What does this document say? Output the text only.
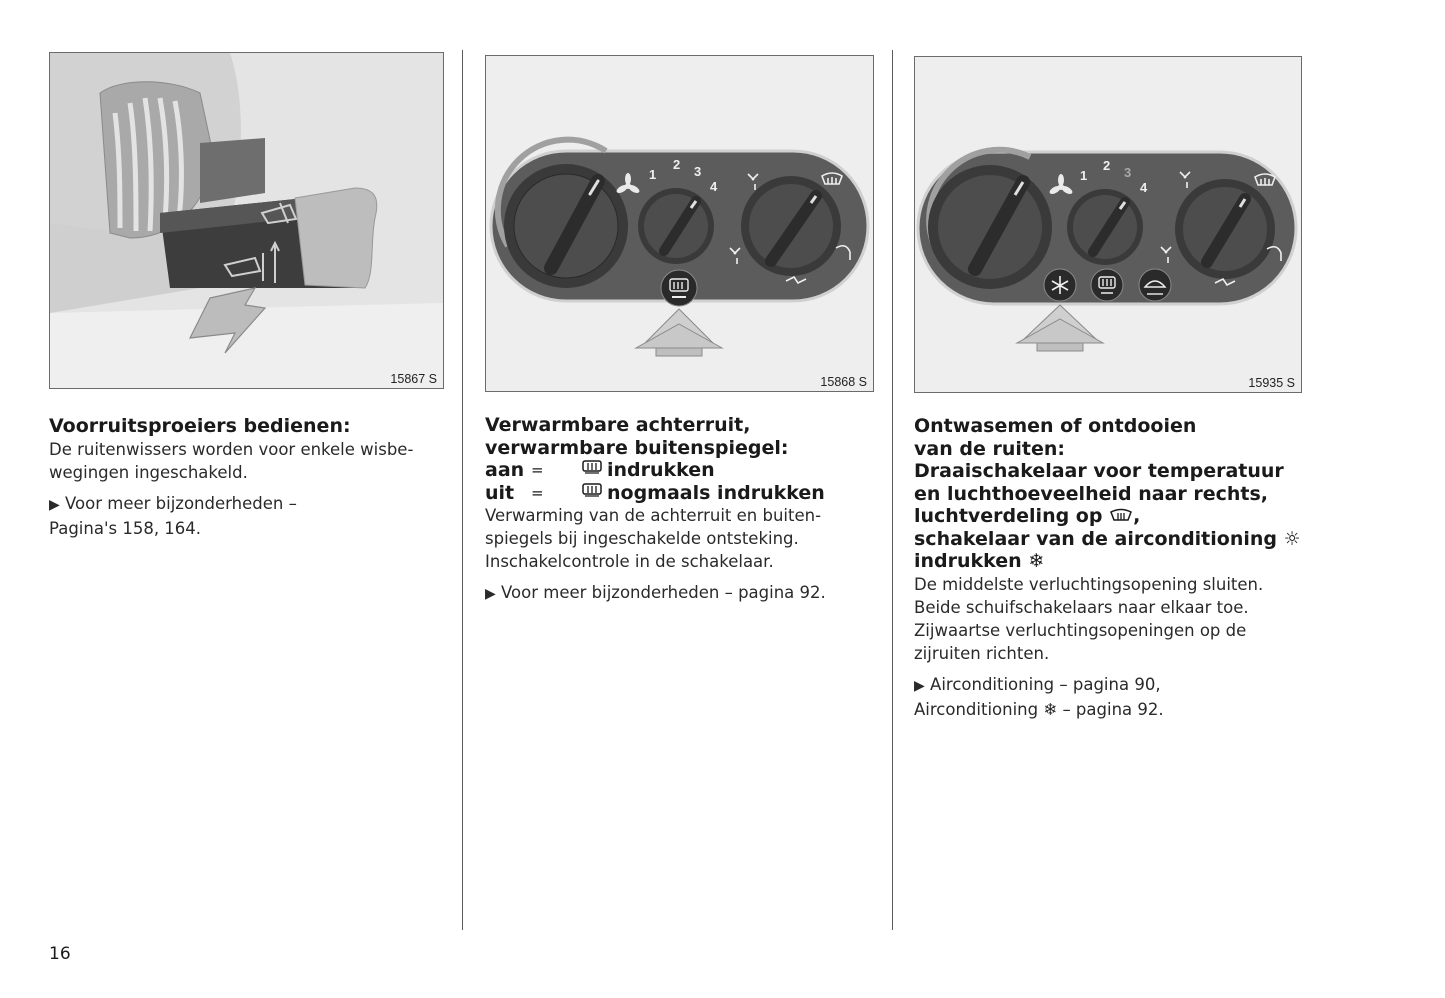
15867 S

Voorruitsproeiers bedienen:

De ruitenwissers worden voor enkele wisbe-

wegingen ingeschakeld.

▶ Voor meer bijzonderheden –
Pagina's 158, 164.

1
2 3
4
15868 S

Verwarmbare achterruit,

verwarmbare buitenspiegel:

aan =	indrukken
uit	=	nogmaals indrukken

Verwarming van de achterruit en buiten-

spiegels bij ingeschakelde ontsteking.

Inschakelcontrole in de schakelaar.

▶ Voor meer bijzonderheden – pagina 92.

1
2 3
4
15935 S

Ontwasemen of ontdooien

van de ruiten:

Draaischakelaar voor temperatuur

en luchthoeveelheid naar rechts,

luchtverdeling op ,

schakelaar van de airconditioning ☼

indrukken ❄

De middelste verluchtingsopening sluiten.

Beide schuifschakelaars naar elkaar toe.

Zijwaartse verluchtingsopeningen op de

zijruiten richten.

▶ Airconditioning – pagina 90,
Airconditioning ❄ – pagina 92.

16
